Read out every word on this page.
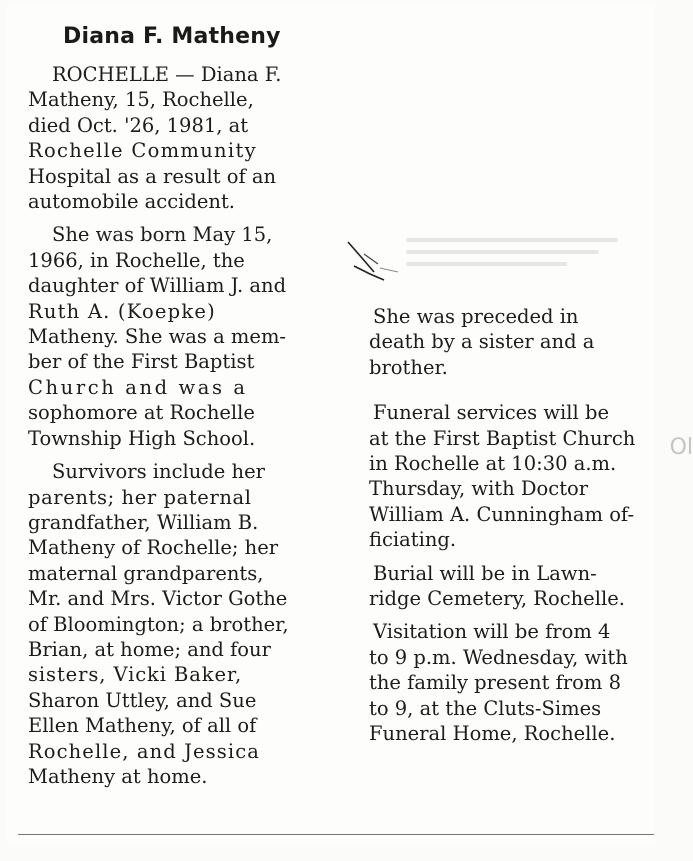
Diana F. Matheny
ROCHELLE — Diana F.
Matheny, 15, Rochelle,
died Oct. '26, 1981, at
Rochelle Community
Hospital as a result of an
automobile accident.
She was born May 15,
1966, in Rochelle, the
daughter of William J. and
Ruth A. (Koepke)
Matheny. She was a mem-
ber of the First Baptist
Church and was a
sophomore at Rochelle
Township High School.
Survivors include her
parents; her paternal
grandfather, William B.
Matheny of Rochelle; her
maternal grandparents,
Mr. and Mrs. Victor Gothe
of Bloomington; a brother,
Brian, at home; and four
sisters, Vicki Baker,
Sharon Uttley, and Sue
Ellen Matheny, of all of
Rochelle, and Jessica
Matheny at home.
She was preceded in
death by a sister and a
brother.
Funeral services will be
at the First Baptist Church
in Rochelle at 10:30 a.m.
Thursday, with Doctor
William A. Cunningham of-
ficiating.
Burial will be in Lawn-
ridge Cemetery, Rochelle.
Visitation will be from 4
to 9 p.m. Wednesday, with
the family present from 8
to 9, at the Cluts-Simes
Funeral Home, Rochelle.
Ol
